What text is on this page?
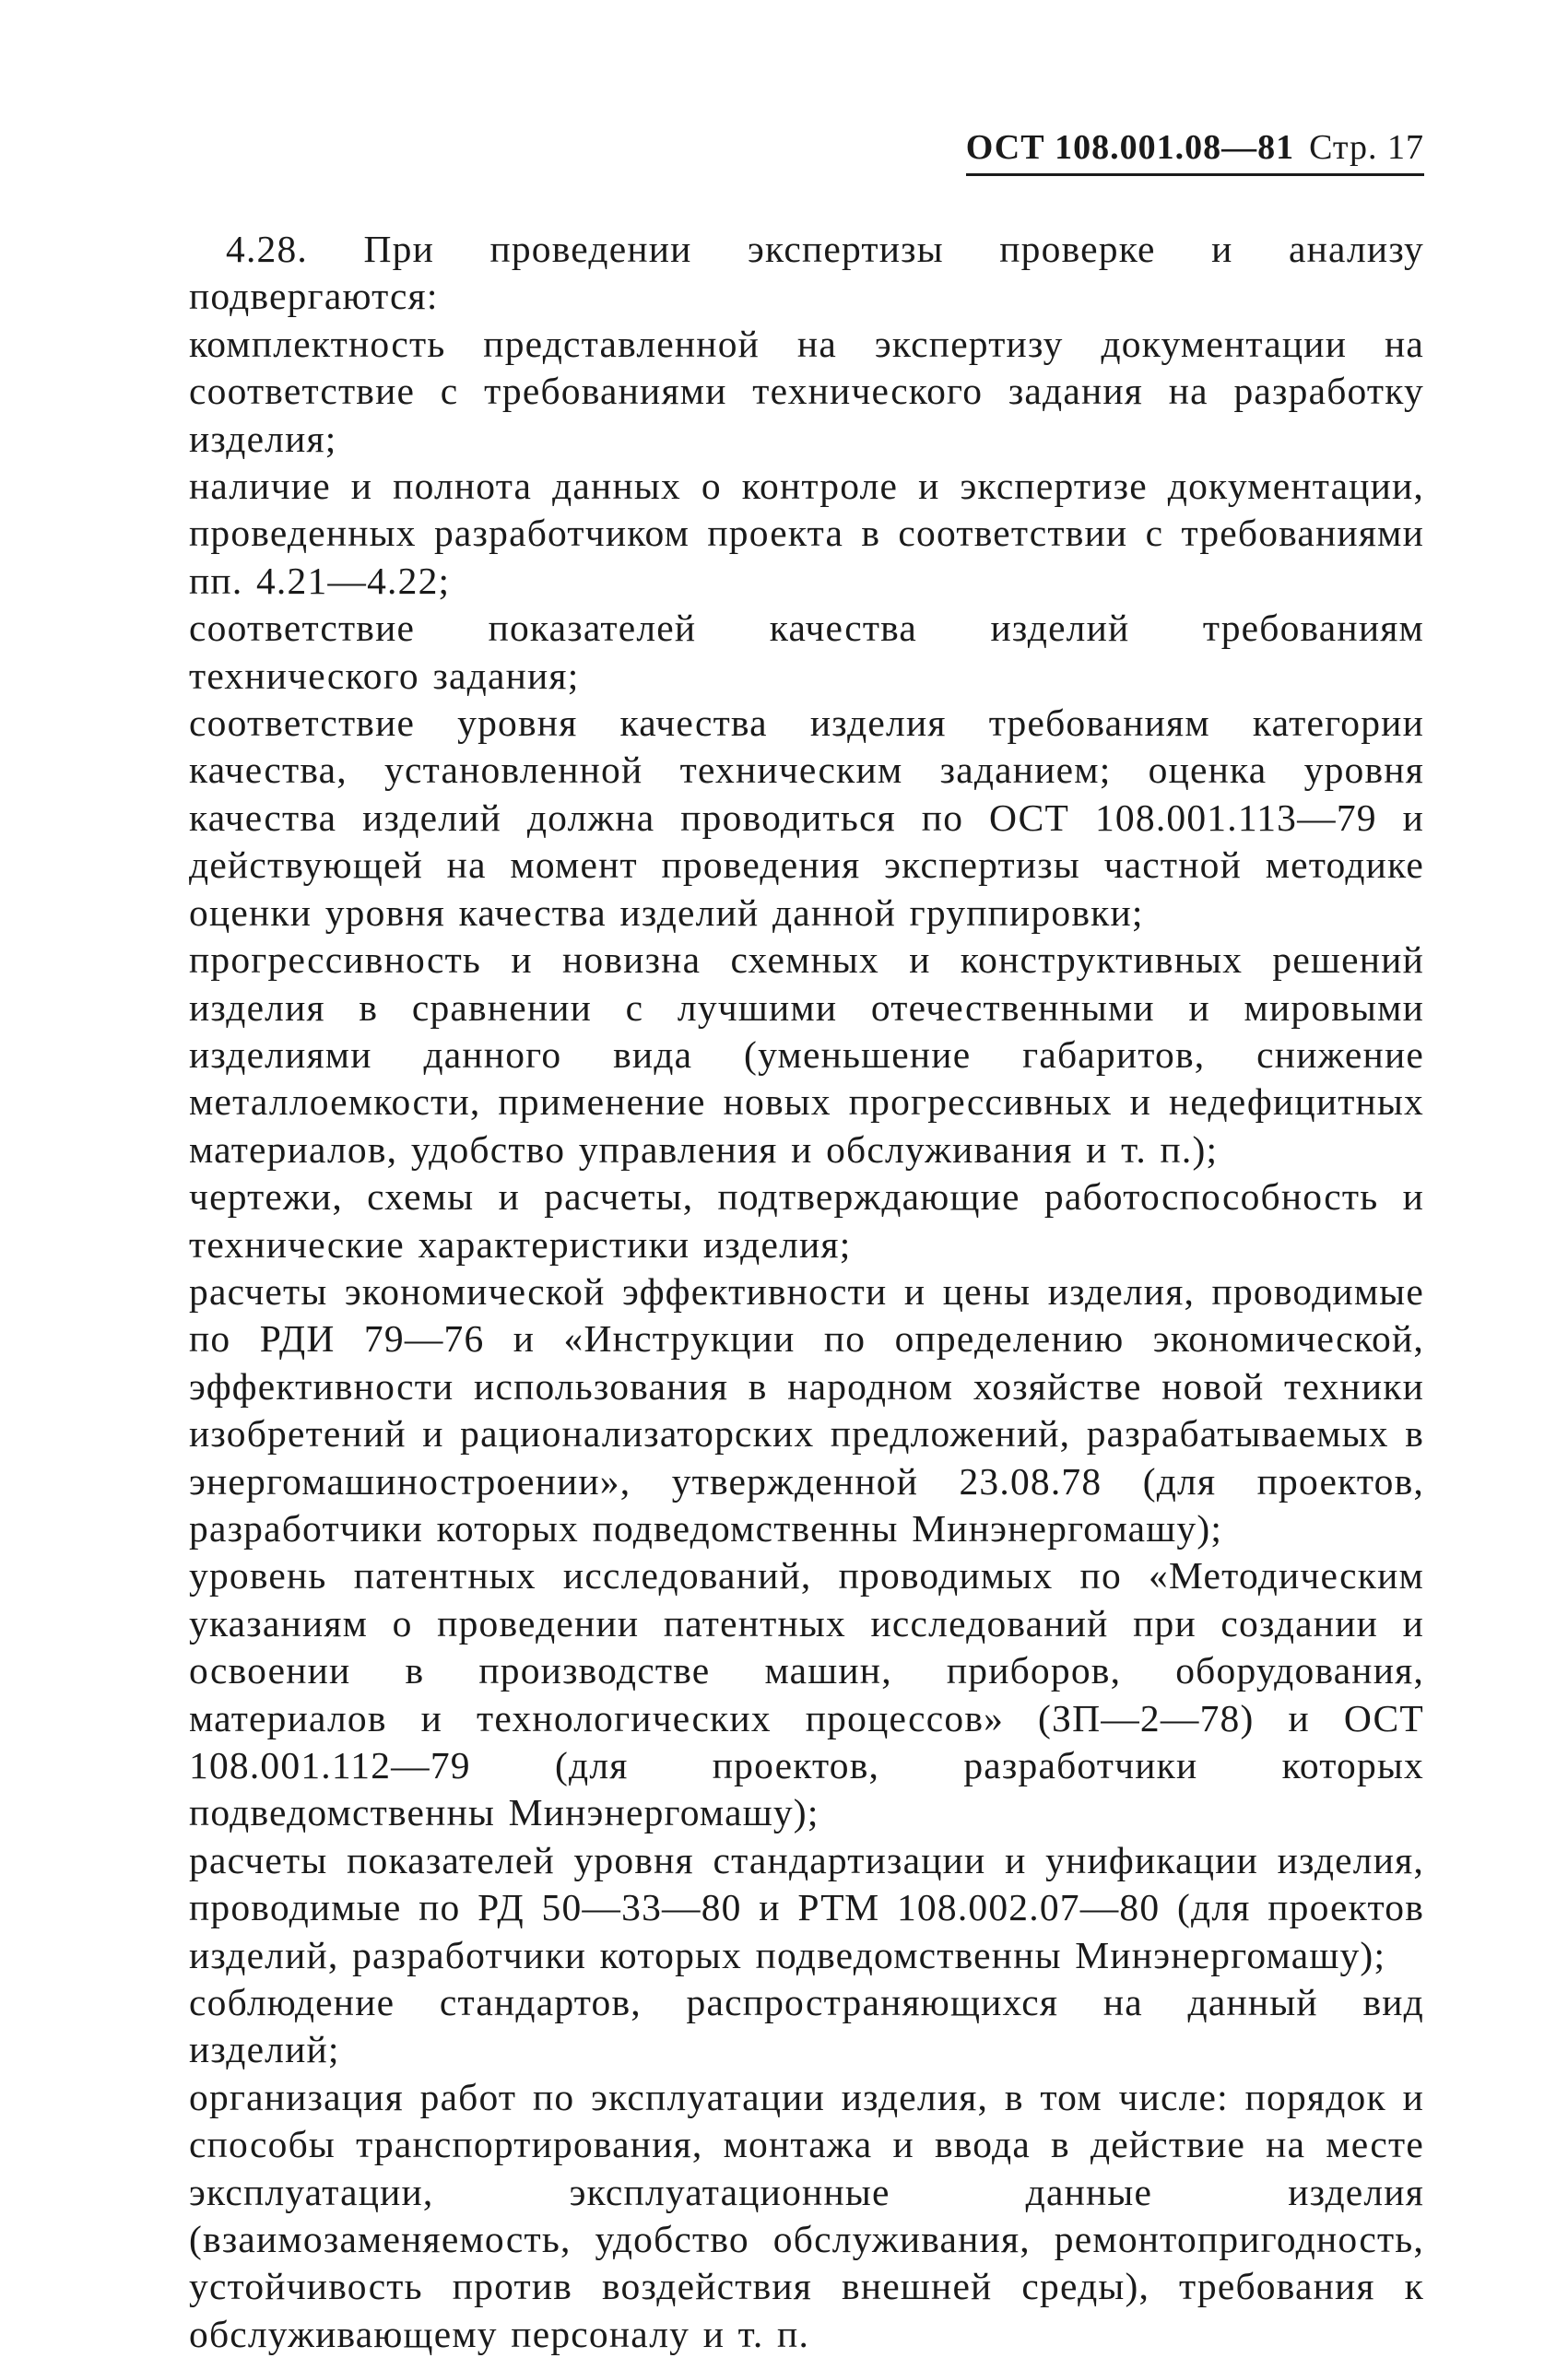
ОСТ 108.001.08—81 Стр. 17

4.28. При проведении экспертизы проверке и анализу подвергаются:

комплектность представленной на экспертизу документации на соответствие с требованиями технического задания на разработку изделия;

наличие и полнота данных о контроле и экспертизе документации, проведенных разработчиком проекта в соответствии с требованиями пп. 4.21—4.22;

соответствие показателей качества изделий требованиям технического задания;

соответствие уровня качества изделия требованиям категории качества, установленной техническим заданием; оценка уровня качества изделий должна проводиться по ОСТ 108.001.113—79 и действующей на момент проведения экспертизы частной методике оценки уровня качества изделий данной группировки;

прогрессивность и новизна схемных и конструктивных решений изделия в сравнении с лучшими отечественными и мировыми изделиями данного вида (уменьшение габаритов, снижение металлоемкости, применение новых прогрессивных и недефицитных материалов, удобство управления и обслуживания и т. п.);

чертежи, схемы и расчеты, подтверждающие работоспособность и технические характеристики изделия;

расчеты экономической эффективности и цены изделия, проводимые по РДИ 79—76 и «Инструкции по определению экономической, эффективности использования в народном хозяйстве новой техники изобретений и рационализаторских предложений, разрабатываемых в энергомашиностроении», утвержденной 23.08.78 (для проектов, разработчики которых подведомственны Минэнергомашу);

уровень патентных исследований, проводимых по «Методическим указаниям о проведении патентных исследований при создании и освоении в производстве машин, приборов, оборудования, материалов и технологических процессов» (ЗП—2—78) и ОСТ 108.001.112—79 (для проектов, разработчики которых подведомственны Минэнергомашу);

расчеты показателей уровня стандартизации и унификации изделия, проводимые по РД 50—33—80 и РТМ 108.002.07—80 (для проектов изделий, разработчики которых подведомственны Минэнергомашу);

соблюдение стандартов, распространяющихся на данный вид изделий;

организация работ по эксплуатации изделия, в том числе: порядок и способы транспортирования, монтажа и ввода в действие на месте эксплуатации, эксплуатационные данные изделия (взаимозаменяемость, удобство обслуживания, ремонтопригодность, устойчивость против воздействия внешней среды), требования к обслуживающему персоналу и т. п.
